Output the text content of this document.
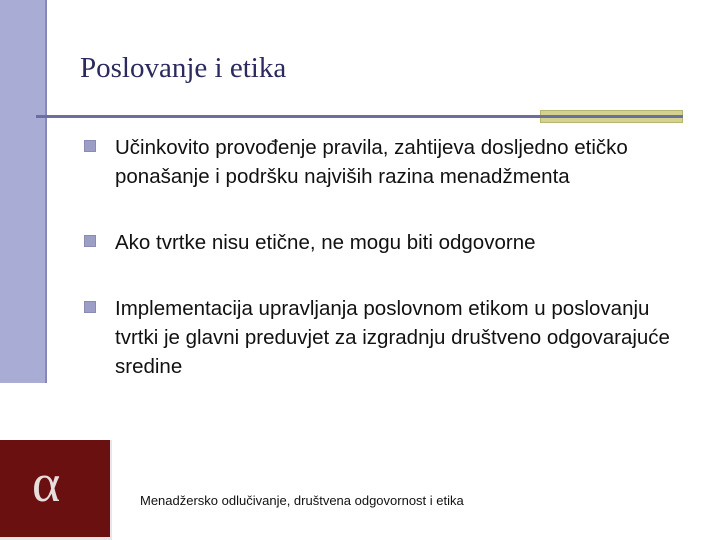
Poslovanje i etika
Učinkovito provođenje pravila, zahtijeva dosljedno etičko ponašanje i podršku najviših razina menadžmenta
Ako tvrtke nisu etične, ne mogu biti odgovorne
Implementacija upravljanja poslovnom etikom u poslovanju tvrtki je glavni preduvjet za izgradnju društveno odgovarajuće sredine
α	Menadžersko odlučivanje, društvena odgovornost i etika
